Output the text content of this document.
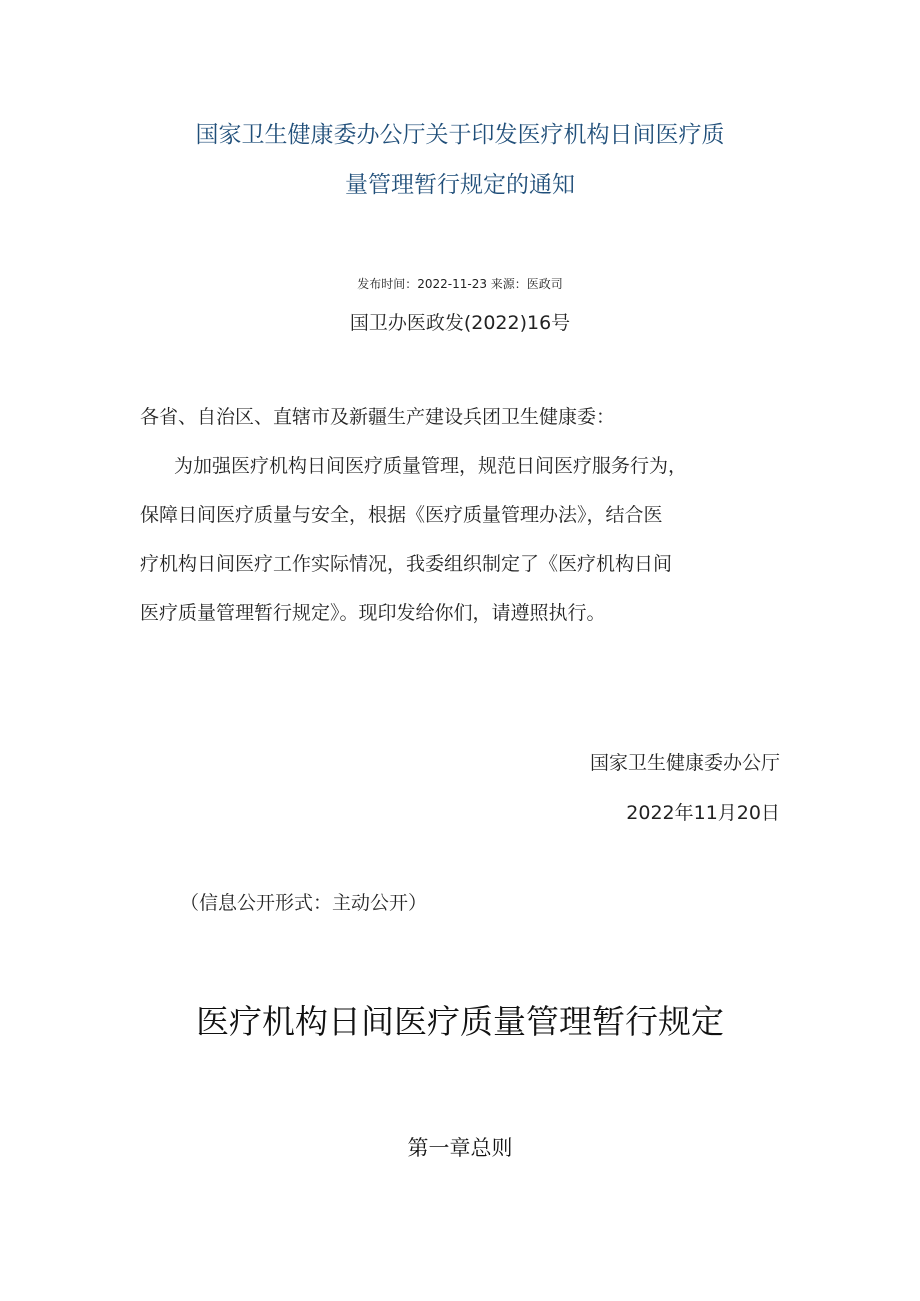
国家卫生健康委办公厅关于印发医疗机构日间医疗质
量管理暂行规定的通知
发布时间：2022-11-23 来源：医政司
国卫办医政发(2022)16号
各省、自治区、直辖市及新疆生产建设兵团卫生健康委：
为加强医疗机构日间医疗质量管理，规范日间医疗服务行为，
保障日间医疗质量与安全，根据《医疗质量管理办法》，结合医
疗机构日间医疗工作实际情况，我委组织制定了《医疗机构日间
医疗质量管理暂行规定》。现印发给你们，请遵照执行。
国家卫生健康委办公厅
2022年11月20日
（信息公开形式：主动公开）
医疗机构日间医疗质量管理暂行规定
第一章总则
